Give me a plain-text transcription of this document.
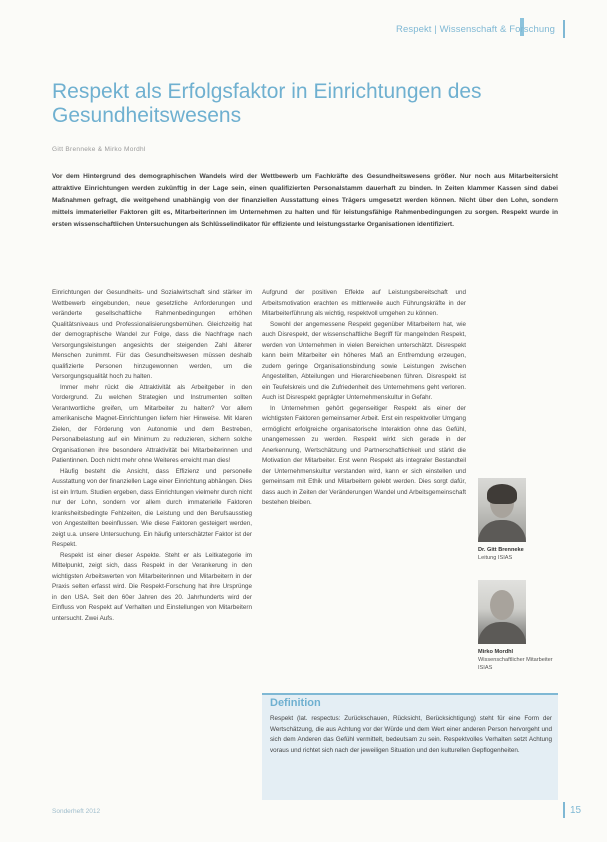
Respekt | Wissenschaft & Forschung
Respekt als Erfolgsfaktor in Einrichtungen des Gesundheitswesens
Gitt Brenneke & Mirko Mordhl
Vor dem Hintergrund des demographischen Wandels wird der Wettbewerb um Fachkräfte des Gesundheitswesens größer. Nur noch aus Mitarbeitersicht attraktive Einrichtungen werden zukünftig in der Lage sein, einen qualifizierten Personalstamm dauerhaft zu binden. In Zeiten klammer Kassen sind dabei Maßnahmen gefragt, die weitgehend unabhängig von der finanziellen Ausstattung eines Trägers umgesetzt werden können. Nicht über den Lohn, sondern mittels immaterieller Faktoren gilt es, Mitarbeiterinnen im Unternehmen zu halten und für leistungsfähige Rahmenbedingungen zu sorgen. Respekt wurde in ersten wissenschaftlichen Untersuchungen als Schlüsselindikator für effiziente und leistungsstarke Organisationen identifiziert.

Einrichtungen der Gesundheits- und Sozialwirtschaft sind stärker im Wettbewerb eingebunden, neue gesetzliche Anforderungen und veränderte gesellschaftliche Rahmenbedingungen erhöhen Qualitätsniveaus und Professionalisierungsbemühen. Gleichzeitig hat der demographische Wandel zur Folge, dass die Nachfrage nach Versorgungsleistungen angesichts der steigenden Zahl älterer Menschen zunimmt. Für das Gesundheitswesen müssen deshalb qualifizierte Personen hinzugewonnen werden, um die Versorgungsqualität hoch zu halten.

Immer mehr rückt die Attraktivität als Arbeitgeber in den Vordergrund. Zu welchen Strategien und Instrumenten sollten Verantwortliche greifen, um Mitarbeiter zu halten? Vor allem amerikanische Magnet-Einrichtungen liefern hier Hinweise. Mit klaren Zielen, der Förderung von Autonomie und dem Bestreben, Personalbelastung auf ein Minimum zu reduzieren, sichern solche Organisationen ihre besondere Attraktivität bei Mitarbeiterinnen und Patientinnen. Doch nicht mehr ohne Weiteres erreicht man dies!

Häufig besteht die Ansicht, dass Effizienz und personelle Ausstattung von der finanziellen Lage einer Einrichtung abhängen. Dies ist ein Irrtum. Studien ergeben, dass Einrichtungen vielmehr durch nicht nur der Lohn, sondern vor allem durch immaterielle Faktoren kranksheitsbedingte Fehlzeiten, die Leistung und den Berufsausstieg von Angestellten beeinflussen. Wie diese Faktoren gesteigert werden, zeigt u.a. unsere Untersuchung. Ein häufig unterschätzter Faktor ist der Respekt.

Respekt ist einer dieser Aspekte. Steht er als Leitkategorie im Mittelpunkt, zeigt sich, dass Respekt in der Verankerung in den wichtigsten Arbeitswerten von Mitarbeiterinnen und Mitarbeitern in der Praxis selten erfasst wird. Die Respekt-Forschung hat ihre Ursprünge in den USA. Seit den 60er Jahren des 20. Jahrhunderts wird der Einfluss von Respekt auf Verhalten und Einstellungen von Mitarbeitern untersucht. Zwei Aufs.

Aufgrund der positiven Effekte auf Leistungsbereitschaft und Arbeitsmotivation erachten es mittlerweile auch Führungskräfte in der Mitarbeiterführung als wichtig, respektvoll umgehen zu können.

Sowohl der angemessene Respekt gegenüber Mitarbeitern hat, wie auch Disrespekt, der wissenschaftliche Begriff für mangelnden Respekt, werden von Unternehmen in vielen Bereichen unterschätzt. Disrespekt kann beim Mitarbeiter ein höheres Maß an Entfremdung erzeugen, zudem geringe Organisationsbindung sowie Leistungen zwischen Angestellten, Abteilungen und Hierarchieebenen führen. Disrespekt ist ein Teufelskreis und die Zufriedenheit des Unternehmens geht verloren. Auch ist Disrespekt geprägter Unternehmenskultur in Gefahr.

In Unternehmen gehört gegenseitiger Respekt als einer der wichtigsten Faktoren gemeinsamer Arbeit. Erst ein respektvoller Umgang ermöglicht erfolgreiche organisatorische Interaktion ohne das Gefühl, unangemessen zu werden. Respekt wirkt sich gerade in der Anerkennung, Wertschätzung und Partnerschaftlichkeit und stärkt die Motivation der Mitarbeiter. Erst wenn Respekt als integraler Bestandteil der Unternehmenskultur verstanden wird, kann er sich einstellen und gemeinsam mit Ethik und Mitarbeitern gelebt werden. Dies sorgt dafür, dass auch in Zeiten der Veränderungen Wandel und Arbeitsgemeinschaft bestehen bleiben.

Dr. Gitt Brenneke
Leitung ISIAS
Mirko Mordhl
Wissenschaftlicher Mitarbeiter ISIAS
Definition
Respekt (lat. respectus: Zurückschauen, Rücksicht, Berücksichtigung) steht für eine Form der Wertschätzung, die aus Achtung vor der Würde und dem Wert einer anderen Person hervorgeht und sich dem Anderen das Gefühl vermittelt, bedeutsam zu sein. Respektvolles Verhalten setzt Achtung voraus und richtet sich nach der jeweiligen Situation und den kulturellen Gepflogenheiten.
Sonderheft 2012	15
